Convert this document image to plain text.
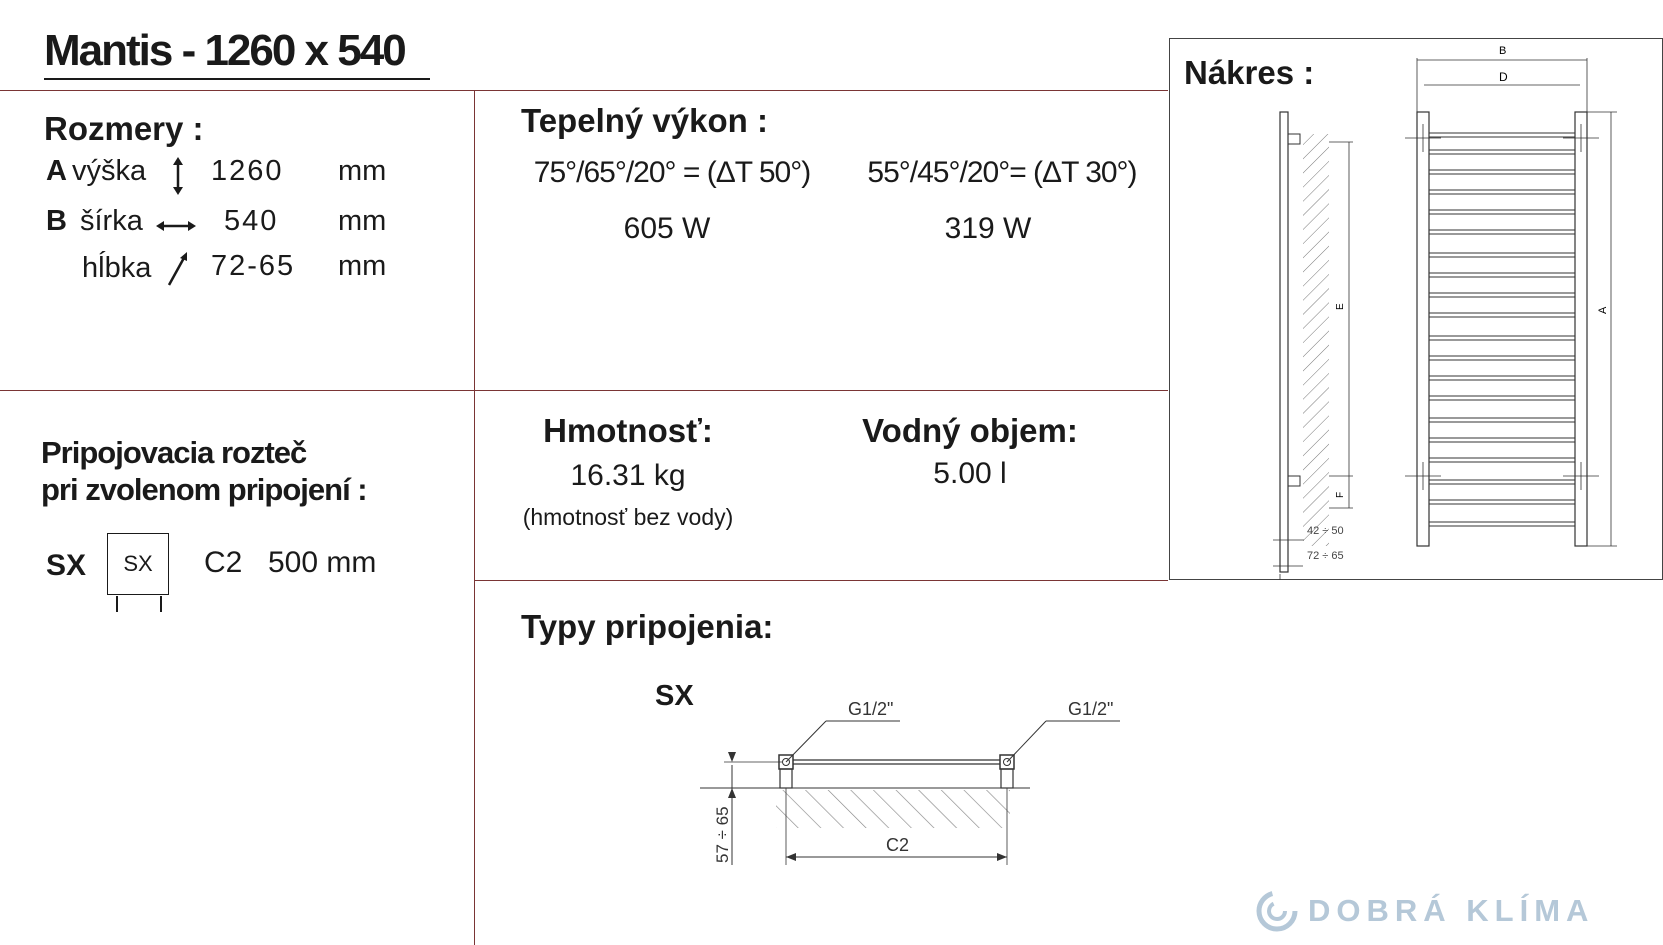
Mantis - 1260 x 540
Rozmery :
A výška 1260 mm
B šírka	540 mm
hĺbka 72-65 mm
Tepelný výkon :
75°/65°/20° = (ΔT 50°)	55°/45°/20°= (ΔT 30°)
605 W	319 W
Nákres :
E
F
42 ÷ 50
72 ÷ 65
B
D
A
Pripojovacia rozteč
pri zvolenom pripojení :
SX	SX	C2 500 mm
Hmotnosť:
16.31 kg
(hmotnosť bez vody)
Vodný objem:
5.00 l
Typy pripojenia:
SX	G1/2"	G1/2"
57 ÷ 65	C2
DOBRÁ KLÍMA
